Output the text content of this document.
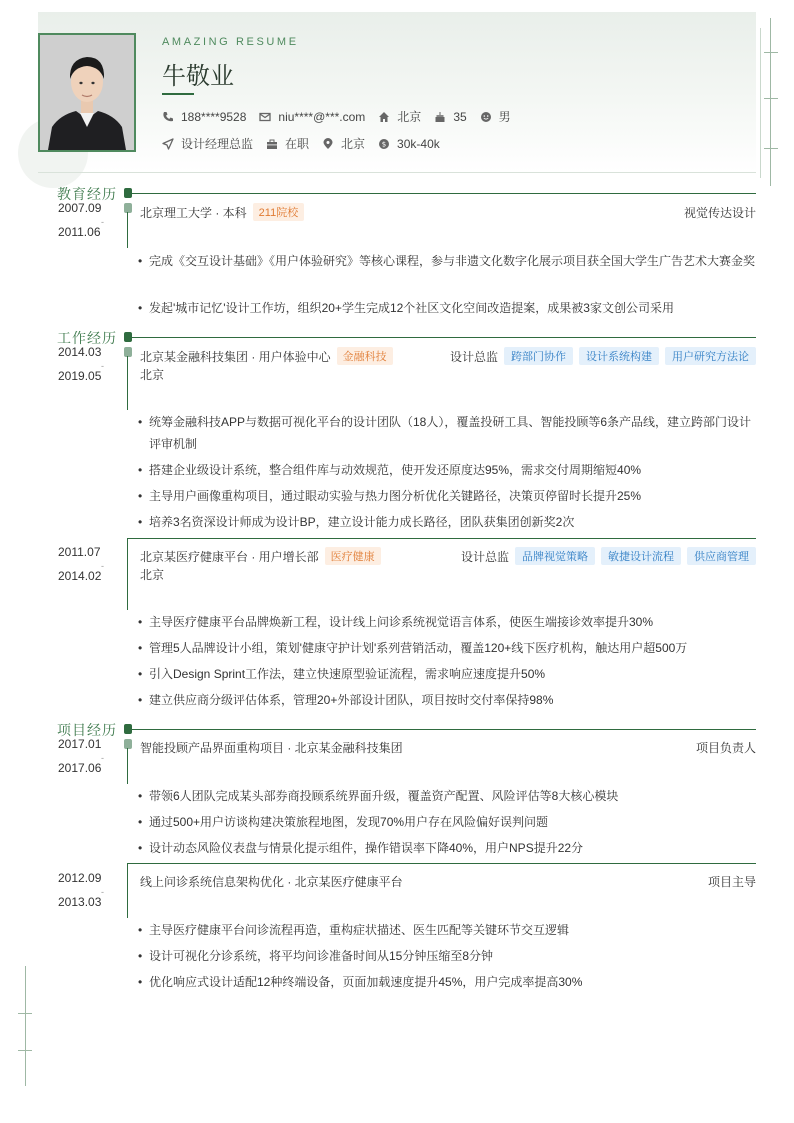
AMAZING RESUME
牛敬业
188****9528	niu****@***.com	北京	35	男
设计经理总监	在职	北京 $ 30k-40k
教育经历
2007.09
-
2011.06
北京理工大学 · 本科	211院校	视觉传达设计
• 完成《交互设计基础》《用户体验研究》等核心课程，参与非遗文化数字化展示项目获全国大学生广告艺术大赛金奖
• 发起'城市记忆'设计工作坊，组织20+学生完成12个社区文化空间改造提案，成果被3家文创公司采用
工作经历
2014.03
-
2019.05
北京某金融科技集团 · 用户体验中心	金融科技	设计总监	跨部门协作	设计系统构建	用户研究方法论
北京
• 统筹金融科技APP与数据可视化平台的设计团队（18人），覆盖投研工具、智能投顾等6条产品线，建立跨部门设计评审机制
• 搭建企业级设计系统，整合组件库与动效规范，使开发还原度达95%，需求交付周期缩短40%
• 主导用户画像重构项目，通过眼动实验与热力图分析优化关键路径，决策页停留时长提升25%
• 培养3名资深设计师成为设计BP，建立设计能力成长路径，团队获集团创新奖2次
2011.07
-
2014.02
北京某医疗健康平台 · 用户增长部	医疗健康	设计总监	品牌视觉策略	敏捷设计流程	供应商管理
北京
• 主导医疗健康平台品牌焕新工程，设计线上问诊系统视觉语言体系，使医生端接诊效率提升30%
• 管理5人品牌设计小组，策划'健康守护计划'系列营销活动，覆盖120+线下医疗机构，触达用户超500万
• 引入Design Sprint工作法，建立快速原型验证流程，需求响应速度提升50%
• 建立供应商分级评估体系，管理20+外部设计团队，项目按时交付率保持98%
项目经历
2017.01
-
2017.06
智能投顾产品界面重构项目 · 北京某金融科技集团	项目负责人
• 带领6人团队完成某头部券商投顾系统界面升级，覆盖资产配置、风险评估等8大核心模块
• 通过500+用户访谈构建决策旅程地图，发现70%用户存在风险偏好误判问题
• 设计动态风险仪表盘与情景化提示组件，操作错误率下降40%，用户NPS提升22分
2012.09
-
2013.03
线上问诊系统信息架构优化 · 北京某医疗健康平台	项目主导
• 主导医疗健康平台问诊流程再造，重构症状描述、医生匹配等关键环节交互逻辑
• 设计可视化分诊系统，将平均问诊准备时间从15分钟压缩至8分钟
• 优化响应式设计适配12种终端设备，页面加载速度提升45%，用户完成率提高30%
